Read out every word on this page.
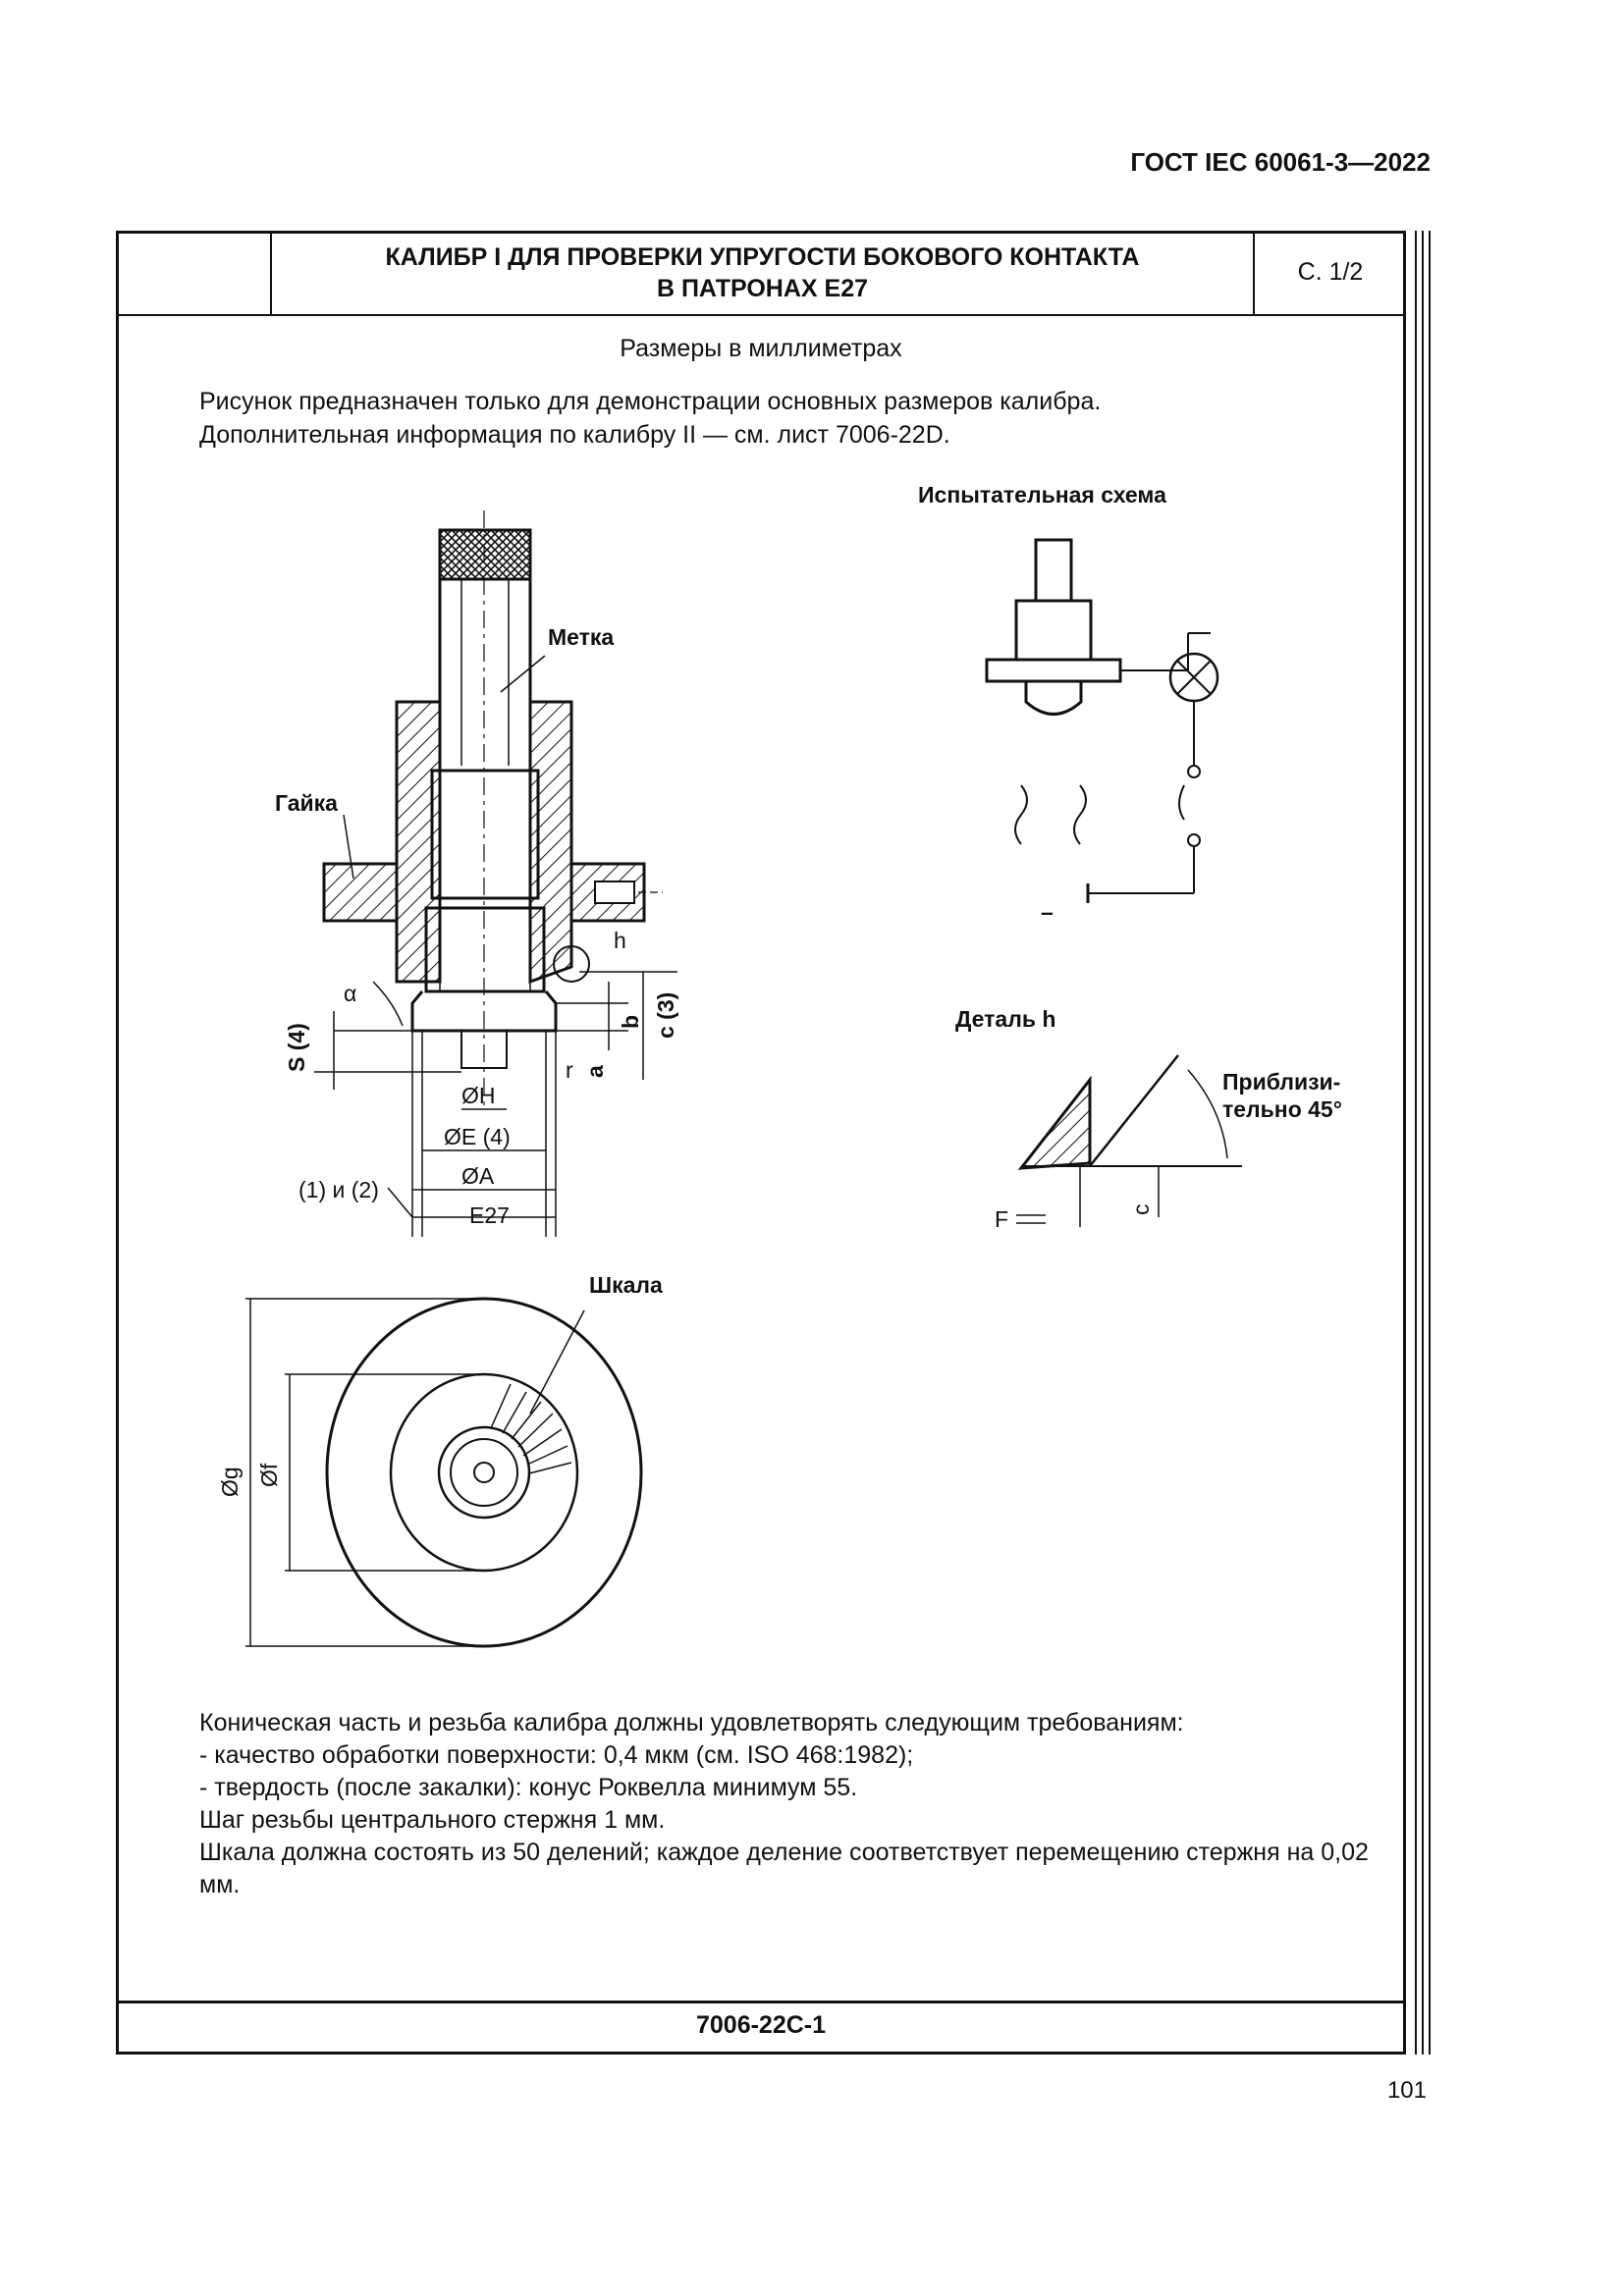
ГОСТ IEC 60061-3—2022
КАЛИБР I ДЛЯ ПРОВЕРКИ УПРУГОСТИ БОКОВОГО КОНТАКТА
В ПАТРОНАХ E27
С. 1/2
Размеры в миллиметрах
Рисунок предназначен только для демонстрации основных размеров калибра.
Дополнительная информация по калибру II — см. лист 7006-22D.
Метка
Гайка
h
α
S (4)
b c (3)
r a
ØH
ØE (4)
ØA
(1) и (2)
E27
Шкала
Øg Øf
Испытательная схема
–
Деталь h
Приблизи-
тельно 45°
F	c

Коническая часть и резьба калибра должны удовлетворять следующим требованиям:

- качество обработки поверхности: 0,4 мкм (см. ISO 468:1982);

- твердость (после закалки): конус Роквелла минимум 55.

Шаг резьбы центрального стержня 1 мм.

Шкала должна состоять из 50 делений; каждое деление соответствует перемещению стержня на 0,02 мм.

7006-22C-1
101
